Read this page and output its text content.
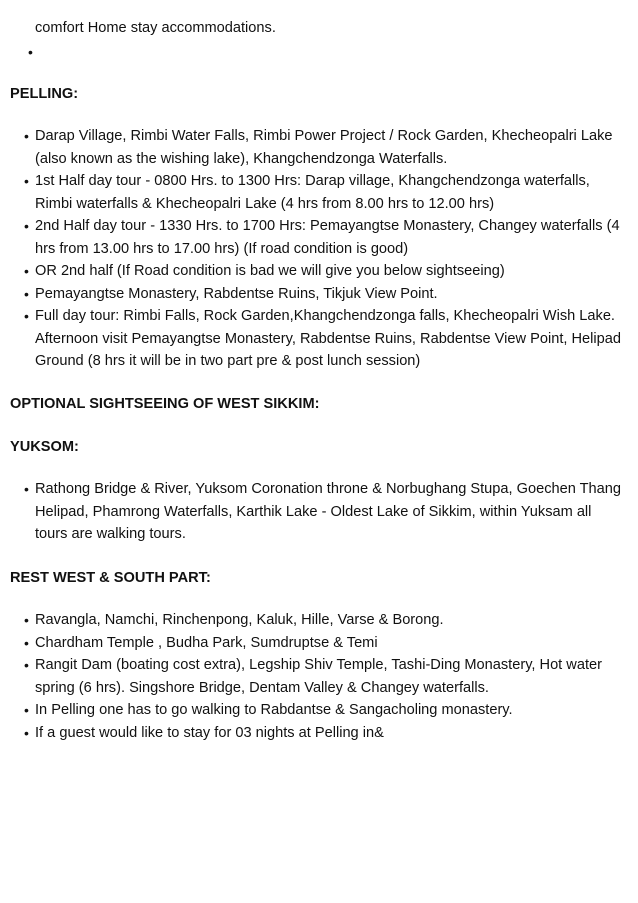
comfort Home stay accommodations.
•
PELLING:
• Darap Village, Rimbi Water Falls, Rimbi Power Project / Rock Garden, Khecheopalri Lake (also known as the wishing lake), Khangchendzonga Waterfalls.
• 1st Half day tour - 0800 Hrs. to 1300 Hrs: Darap village, Khangchendzonga waterfalls, Rimbi waterfalls & Khecheopalri Lake (4 hrs from 8.00 hrs to 12.00 hrs)
• 2nd Half day tour - 1330 Hrs. to 1700 Hrs: Pemayangtse Monastery, Changey waterfalls (4 hrs from 13.00 hrs to 17.00 hrs) (If road condition is good)
• OR 2nd half (If Road condition is bad we will give you below sightseeing)
• Pemayangtse Monastery, Rabdentse Ruins, Tikjuk View Point.
• Full day tour: Rimbi Falls, Rock Garden,Khangchendzonga falls, Khecheopalri Wish Lake. Afternoon visit Pemayangtse Monastery, Rabdentse Ruins, Rabdentse View Point, Helipad Ground (8 hrs it will be in two part pre & post lunch session)
OPTIONAL SIGHTSEEING OF WEST SIKKIM:
YUKSOM:
• Rathong Bridge & River, Yuksom Coronation throne & Norbughang Stupa, Goechen Thang Helipad, Phamrong Waterfalls, Karthik Lake - Oldest Lake of Sikkim, within Yuksam all tours are walking tours.
REST WEST & SOUTH PART:
• Ravangla, Namchi, Rinchenpong, Kaluk, Hille, Varse & Borong.
• Chardham Temple , Budha Park, Sumdruptse & Temi
• Rangit Dam (boating cost extra), Legship Shiv Temple, Tashi-Ding Monastery, Hot water spring (6 hrs). Singshore Bridge, Dentam Valley & Changey waterfalls.
• In Pelling one has to go walking to Rabdantse & Sangacholing monastery.
• If a guest would like to stay for 03 nights at Pelling in&
